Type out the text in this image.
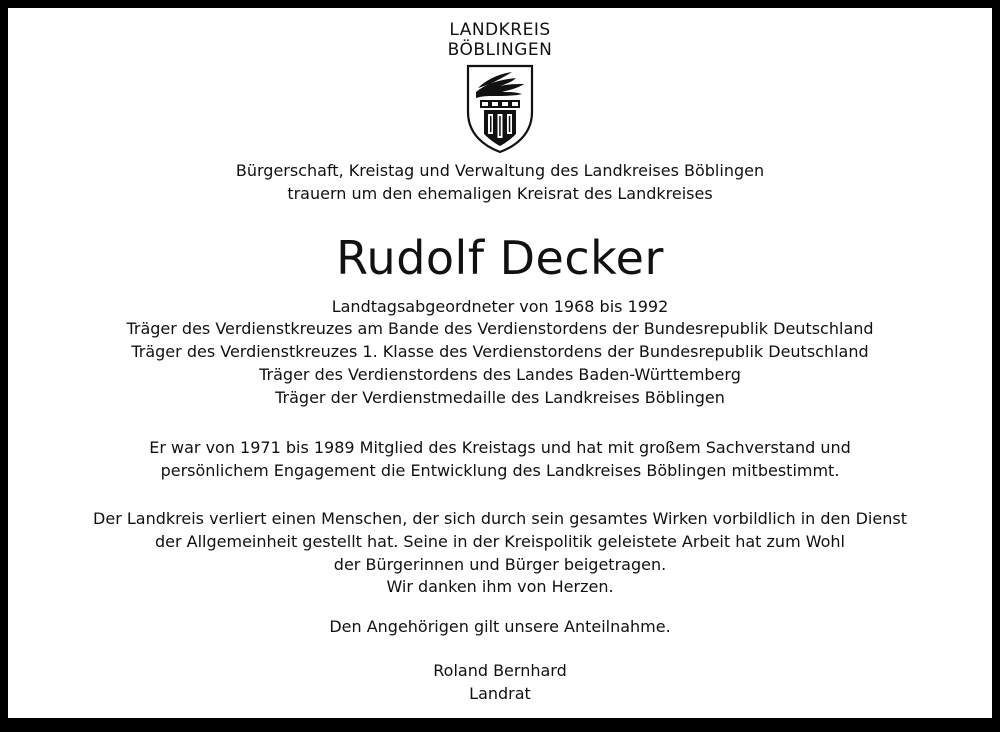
LANDKREIS
BÖBLINGEN
Bürgerschaft, Kreistag und Verwaltung des Landkreises Böblingen
trauern um den ehemaligen Kreisrat des Landkreises
Rudolf Decker
Landtagsabgeordneter von 1968 bis 1992
Träger des Verdienstkreuzes am Bande des Verdienstordens der Bundesrepublik Deutschland
Träger des Verdienstkreuzes 1. Klasse des Verdienstordens der Bundesrepublik Deutschland
Träger des Verdienstordens des Landes Baden-Württemberg
Träger der Verdienstmedaille des Landkreises Böblingen
Er war von 1971 bis 1989 Mitglied des Kreistags und hat mit großem Sachverstand und
persönlichem Engagement die Entwicklung des Landkreises Böblingen mitbestimmt.
Der Landkreis verliert einen Menschen, der sich durch sein gesamtes Wirken vorbildlich in den Dienst
der Allgemeinheit gestellt hat. Seine in der Kreispolitik geleistete Arbeit hat zum Wohl
der Bürgerinnen und Bürger beigetragen.
Wir danken ihm von Herzen.
Den Angehörigen gilt unsere Anteilnahme.
Roland Bernhard
Landrat
